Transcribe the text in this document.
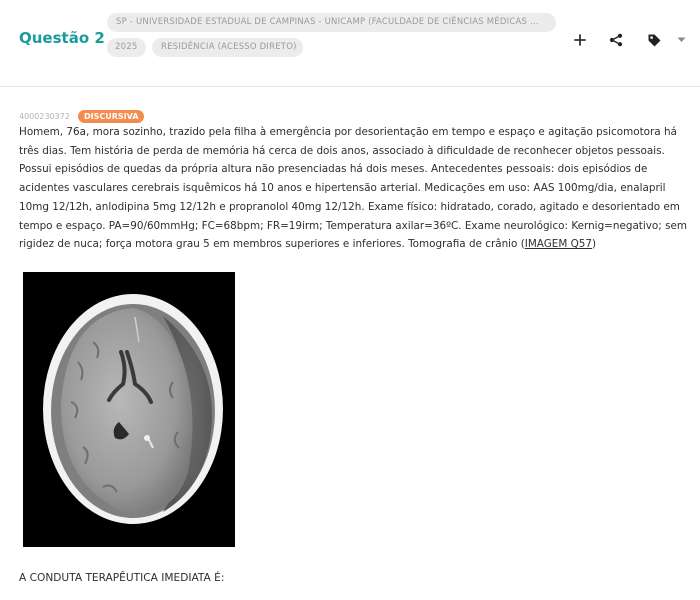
Questão 2
SP - UNIVERSIDADE ESTADUAL DE CAMPINAS - UNICAMP (FACULDADE DE CIÊNCIAS MÉDICAS ...
2025	RESIDÊNCIA (ACESSO DIRETO)
4000230372	DISCURSIVA
Homem, 76a, mora sozinho, trazido pela filha à emergência por desorientação em tempo e espaço e agitação psicomotora há três dias. Tem história de perda de memória há cerca de dois anos, associado à dificuldade de reconhecer objetos pessoais. Possui episódios de quedas da própria altura não presenciadas há dois meses. Antecedentes pessoais: dois episódios de acidentes vasculares cerebrais isquêmicos há 10 anos e hipertensão arterial. Medicações em uso: AAS 100mg/dia, enalapril 10mg 12/12h, anlodipina 5mg 12/12h e propranolol 40mg 12/12h. Exame físico: hidratado, corado, agitado e desorientado em tempo e espaço. PA=90/60mmHg; FC=68bpm; FR=19irm; Temperatura axilar=36ºC. Exame neurológico: Kernig=negativo; sem rigidez de nuca; força motora grau 5 em membros superiores e inferiores. Tomografia de crânio (IMAGEM Q57)
A CONDUTA TERAPÊUTICA IMEDIATA É:
